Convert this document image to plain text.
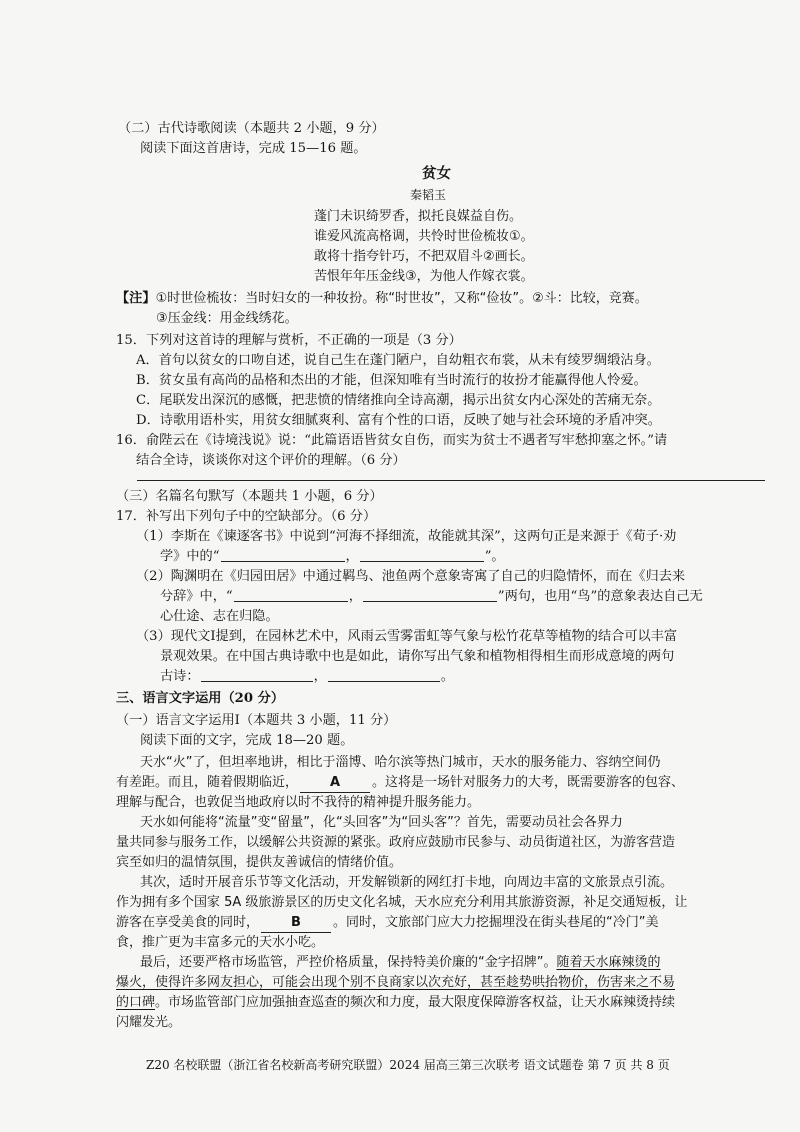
（二）古代诗歌阅读（本题共 2 小题，9 分）
阅读下面这首唐诗，完成 15—16 题。
贫女
秦韬玉
蓬门未识绮罗香，拟托良媒益自伤。
谁爱风流高格调，共怜时世俭梳妆①。
敢将十指夸针巧，不把双眉斗②画长。
苦恨年年压金线③，为他人作嫁衣裳。
【注】①时世俭梳妆：当时妇女的一种妆扮。称“时世妆”，又称“俭妆”。②斗：比较，竞赛。
③压金线：用金线绣花。
15．下列对这首诗的理解与赏析，不正确的一项是（3 分）
A．首句以贫女的口吻自述，说自己生在蓬门陋户，自幼粗衣布裳，从未有绫罗绸缎沾身。
B．贫女虽有高尚的品格和杰出的才能，但深知唯有当时流行的妆扮才能赢得他人怜爱。
C．尾联发出深沉的感慨，把悲愤的情绪推向全诗高潮，揭示出贫女内心深处的苦痛无奈。
D．诗歌用语朴实，用贫女细腻爽利、富有个性的口语，反映了她与社会环境的矛盾冲突。
16．俞陛云在《诗境浅说》说：“此篇语语皆贫女自伤，而实为贫士不遇者写牢愁抑塞之怀。”请
结合全诗，谈谈你对这个评价的理解。（6 分）
（三）名篇名句默写（本题共 1 小题，6 分）
17．补写出下列句子中的空缺部分。（6 分）
（1）李斯在《谏逐客书》中说到“河海不择细流，故能就其深”，这两句正是来源于《荀子·劝
学》中的“	，	”。
（2）陶渊明在《归园田居》中通过羁鸟、池鱼两个意象寄寓了自己的归隐情怀，而在《归去来
兮辞》中，“	，	”两句，也用“鸟”的意象表达自己无
心仕途、志在归隐。
（3）现代文Ⅰ提到，在园林艺术中，风雨云雪雾雷虹等气象与松竹花草等植物的结合可以丰富
景观效果。在中国古典诗歌中也是如此，请你写出气象和植物相得相生而形成意境的两句
古诗：	，	。
三、语言文字运用（20 分）
（一）语言文字运用Ⅰ（本题共 3 小题，11 分）
阅读下面的文字，完成 18—20 题。
天水“火”了，但坦率地讲，相比于淄博、哈尔滨等热门城市，天水的服务能力、容纳空间仍
有差距。而且，随着假期临近， A 。这将是一场针对服务力的大考，既需要游客的包容、
理解与配合，也敦促当地政府以时不我待的精神提升服务能力。
天水如何能将“流量”变“留量”，化“头回客”为“回头客”？首先，需要动员社会各界力
量共同参与服务工作，以缓解公共资源的紧张。政府应鼓励市民参与、动员街道社区，为游客营造
宾至如归的温情氛围，提供友善诚信的情绪价值。
其次，适时开展音乐节等文化活动，开发解锁新的网红打卡地，向周边丰富的文旅景点引流。
作为拥有多个国家 5A 级旅游景区的历史文化名城，天水应充分利用其旅游资源，补足交通短板，让
游客在享受美食的同时， B 。同时，文旅部门应大力挖掘埋没在街头巷尾的“冷门”美
食，推广更为丰富多元的天水小吃。
最后，还要严格市场监管，严控价格质量，保持特美价廉的“金字招牌”。随着天水麻辣烫的
爆火，使得许多网友担心，可能会出现个别不良商家以次充好，甚至趁势哄抬物价，伤害来之不易
的口碑。市场监管部门应加强抽查巡查的频次和力度，最大限度保障游客权益，让天水麻辣烫持续
闪耀发光。
Z20 名校联盟（浙江省名校新高考研究联盟）2024 届高三第三次联考 语文试题卷 第 7 页 共 8 页
